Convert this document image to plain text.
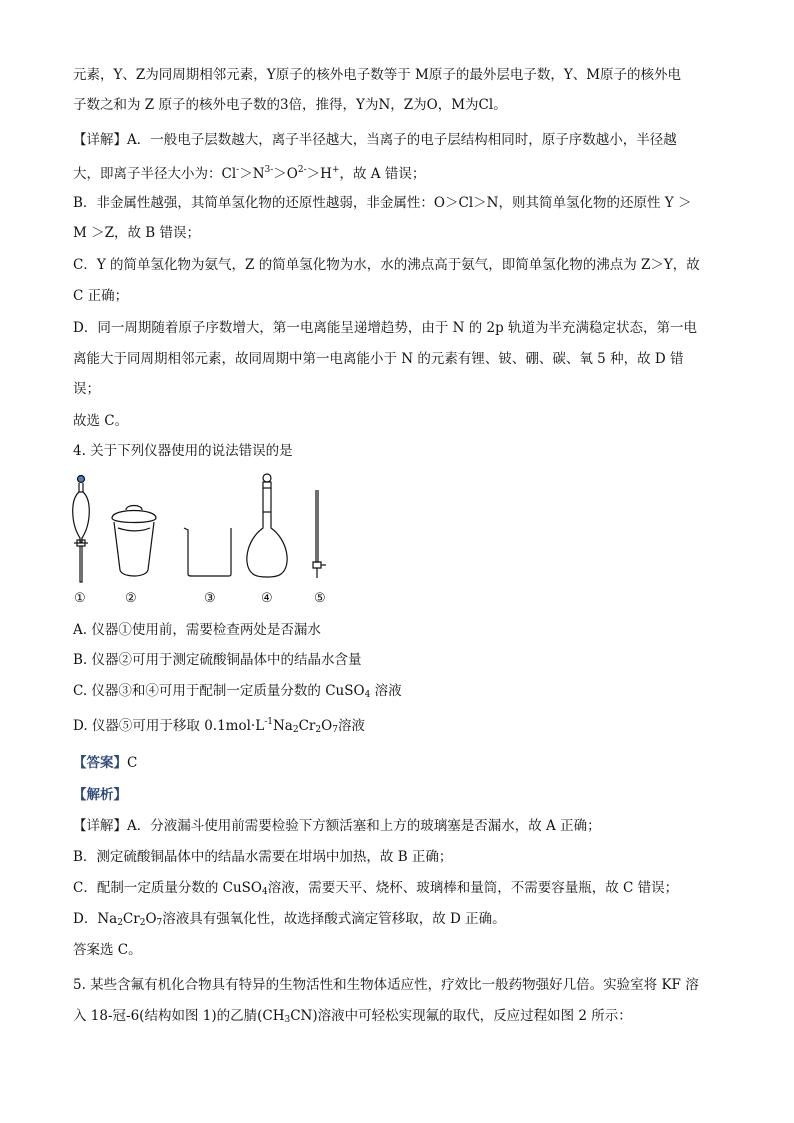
元素，Y、Z为同周期相邻元素，Y原子的核外电子数等于 M原子的最外层电子数，Y、M原子的核外电
子数之和为 Z 原子的核外电子数的3倍，推得，Y为N，Z为O，M为Cl。
【详解】A．一般电子层数越大，离子半径越大，当离子的电子层结构相同时，原子序数越小，半径越
大，即离子半径大小为：$Cl^->N^{3-}>O^{2-}>H^+$，故 A 错误；
B．非金属性越强，其简单氢化物的还原性越弱，非金属性：O＞Cl＞N，则其简单氢化物的还原性 Y ＞
M ＞Z，故 B 错误；
C．Y 的简单氢化物为氨气，Z 的简单氢化物为水，水的沸点高于氨气，即简单氢化物的沸点为 Z＞Y，故
C 正确；
D．同一周期随着原子序数增大，第一电离能呈递增趋势，由于 N 的 2p 轨道为半充满稳定状态，第一电
离能大于同周期相邻元素，故同周期中第一电离能小于 N 的元素有锂、铍、硼、碳、氧 5 种，故 D 错
误；
故选 C。
4. 关于下列仪器使用的说法错误的是
①	②	③	④	⑤
A. 仪器①使用前，需要检查两处是否漏水
B. 仪器②可用于测定硫酸铜晶体中的结晶水含量
C. 仪器③和④可用于配制一定质量分数的 CuSO$_4$ 溶液
D. 仪器⑤可用于移取 $0.1mol\cdot L^{-1}Na_2Cr_2O_7$溶液
【答案】C
【解析】
【详解】A．分液漏斗使用前需要检验下方额活塞和上方的玻璃塞是否漏水，故 A 正确；
B．测定硫酸铜晶体中的结晶水需要在坩埚中加热，故 B 正确；
C．配制一定质量分数的 CuSO$_4$溶液，需要天平、烧杯、玻璃棒和量筒，不需要容量瓶，故 C 错误；
D．$Na_2Cr_2O_7$溶液具有强氧化性，故选择酸式滴定管移取，故 D 正确。
答案选 C。
5. 某些含氟有机化合物具有特异的生物活性和生物体适应性，疗效比一般药物强好几倍。实验室将 KF 溶
入 18-冠-6(结构如图 1)的乙腈$(CH_3CN)$溶液中可轻松实现氟的取代，反应过程如图 2 所示：
